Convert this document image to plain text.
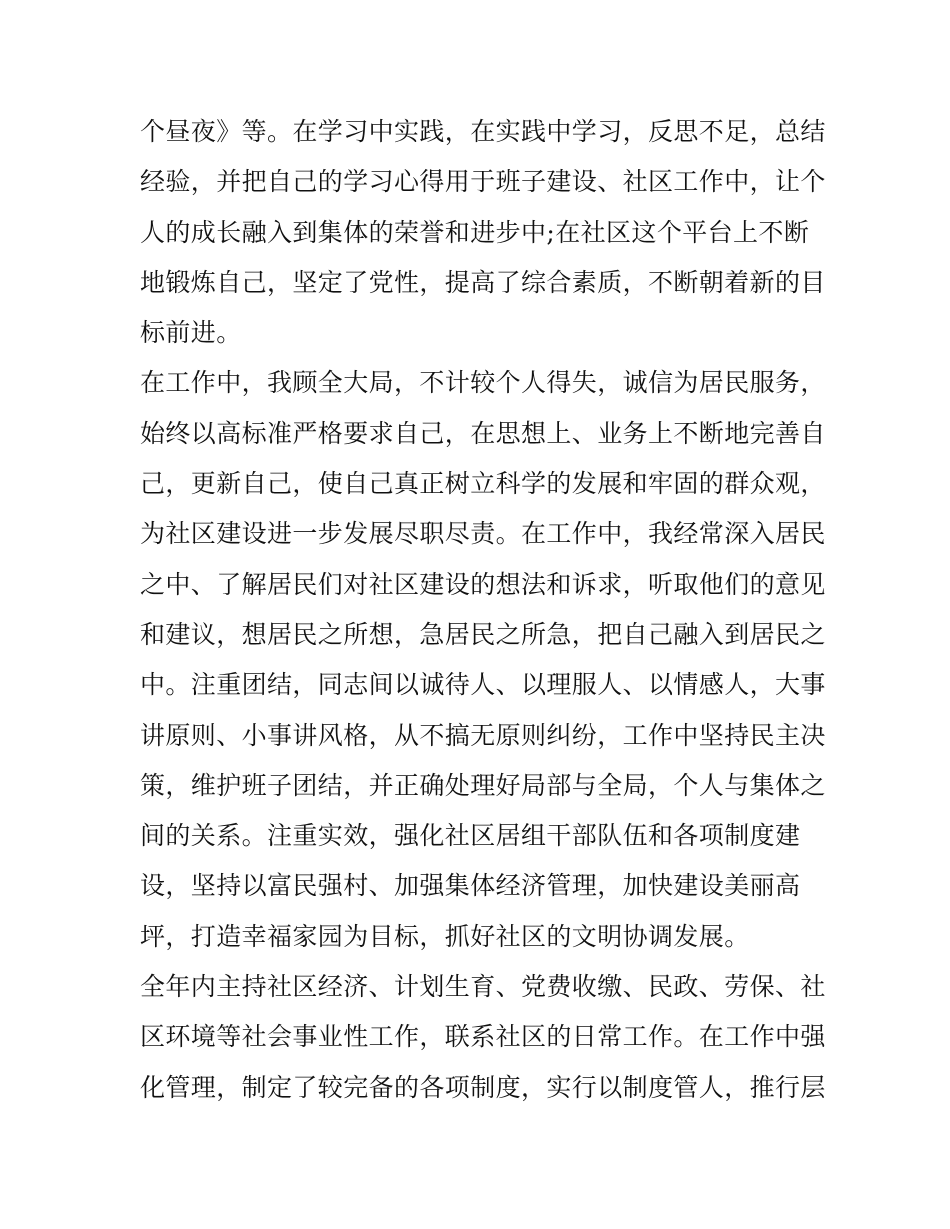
个昼夜》等。在学习中实践，在实践中学习，反思不足，总结
经验，并把自己的学习心得用于班子建设、社区工作中，让个
人的成长融入到集体的荣誉和进步中;在社区这个平台上不断
地锻炼自己，坚定了党性，提高了综合素质，不断朝着新的目
标前进。
在工作中，我顾全大局，不计较个人得失，诚信为居民服务，
始终以高标准严格要求自己，在思想上、业务上不断地完善自
己，更新自己，使自己真正树立科学的发展和牢固的群众观，
为社区建设进一步发展尽职尽责。在工作中，我经常深入居民
之中、了解居民们对社区建设的想法和诉求，听取他们的意见
和建议，想居民之所想，急居民之所急，把自己融入到居民之
中。注重团结，同志间以诚待人、以理服人、以情感人，大事
讲原则、小事讲风格，从不搞无原则纠纷，工作中坚持民主决
策，维护班子团结，并正确处理好局部与全局，个人与集体之
间的关系。注重实效，强化社区居组干部队伍和各项制度建
设，坚持以富民强村、加强集体经济管理，加快建设美丽高
坪，打造幸福家园为目标，抓好社区的文明协调发展。
全年内主持社区经济、计划生育、党费收缴、民政、劳保、社
区环境等社会事业性工作，联系社区的日常工作。在工作中强
化管理，制定了较完备的各项制度，实行以制度管人，推行层
